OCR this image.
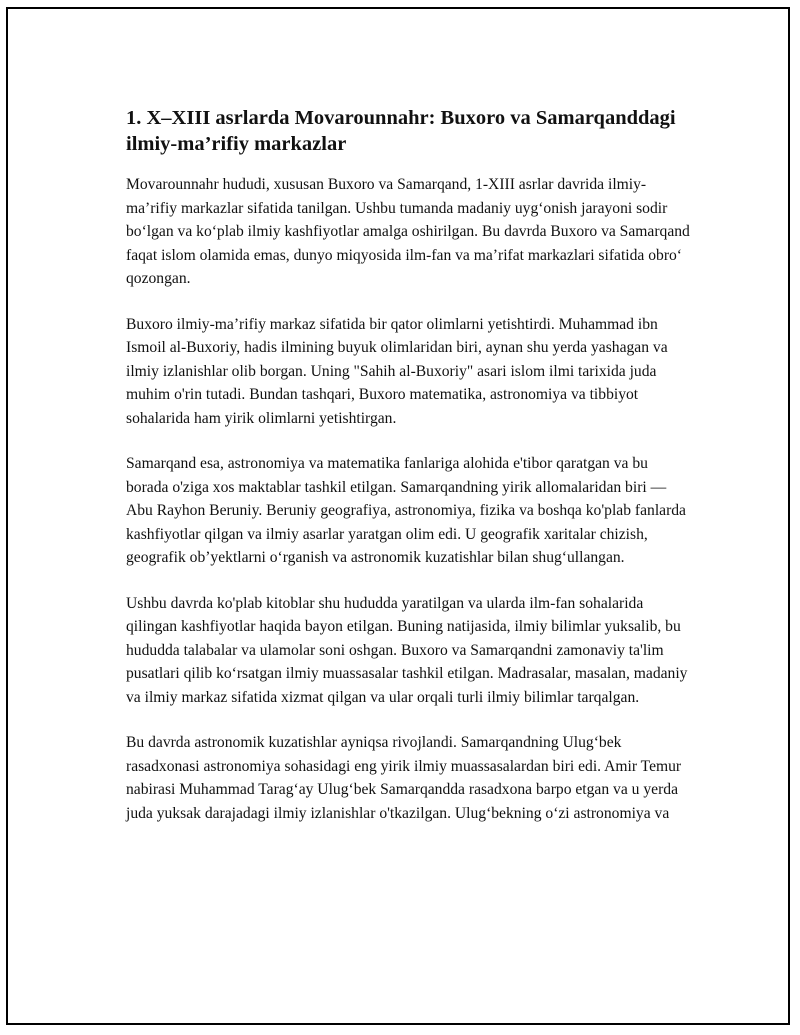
1. X–XIII asrlarda Movarounnahr: Buxoro va Samarqanddagi ilmiy-ma’rifiy markazlar

Movarounnahr hududi, xususan Buxoro va Samarqand, 1-XIII asrlar davrida ilmiy-ma’rifiy markazlar sifatida tanilgan. Ushbu tumanda madaniy uyg‘onish jarayoni sodir bo‘lgan va ko‘plab ilmiy kashfiyotlar amalga oshirilgan. Bu davrda Buxoro va Samarqand faqat islom olamida emas, dunyo miqyosida ilm-fan va ma’rifat markazlari sifatida obro‘ qozongan.

Buxoro ilmiy-ma’rifiy markaz sifatida bir qator olimlarni yetishtirdi. Muhammad ibn Ismoil al-Buxoriy, hadis ilmining buyuk olimlaridan biri, aynan shu yerda yashagan va ilmiy izlanishlar olib borgan. Uning "Sahih al-Buxoriy" asari islom ilmi tarixida juda muhim o'rin tutadi. Bundan tashqari, Buxoro matematika, astronomiya va tibbiyot sohalarida ham yirik olimlarni yetishtirgan.

Samarqand esa, astronomiya va matematika fanlariga alohida e'tibor qaratgan va bu borada o'ziga xos maktablar tashkil etilgan. Samarqandning yirik allomalaridan biri — Abu Rayhon Beruniy. Beruniy geografiya, astronomiya, fizika va boshqa ko'plab fanlarda kashfiyotlar qilgan va ilmiy asarlar yaratgan olim edi. U geografik xaritalar chizish, geografik ob’yektlarni o‘rganish va astronomik kuzatishlar bilan shug‘ullangan.

Ushbu davrda ko'plab kitoblar shu hududda yaratilgan va ularda ilm-fan sohalarida qilingan kashfiyotlar haqida bayon etilgan. Buning natijasida, ilmiy bilimlar yuksalib, bu hududda talabalar va ulamolar soni oshgan. Buxoro va Samarqandni zamonaviy ta'lim pusatlari qilib ko‘rsatgan ilmiy muassasalar tashkil etilgan. Madrasalar, masalan, madaniy va ilmiy markaz sifatida xizmat qilgan va ular orqali turli ilmiy bilimlar tarqalgan.

Bu davrda astronomik kuzatishlar ayniqsa rivojlandi. Samarqandning Ulug‘bek rasadxonasi astronomiya sohasidagi eng yirik ilmiy muassasalardan biri edi. Amir Temur nabirasi Muhammad Tarag‘ay Ulug‘bek Samarqandda rasadxona barpo etgan va u yerda juda yuksak darajadagi ilmiy izlanishlar o'tkazilgan. Ulug‘bekning o‘zi astronomiya va
